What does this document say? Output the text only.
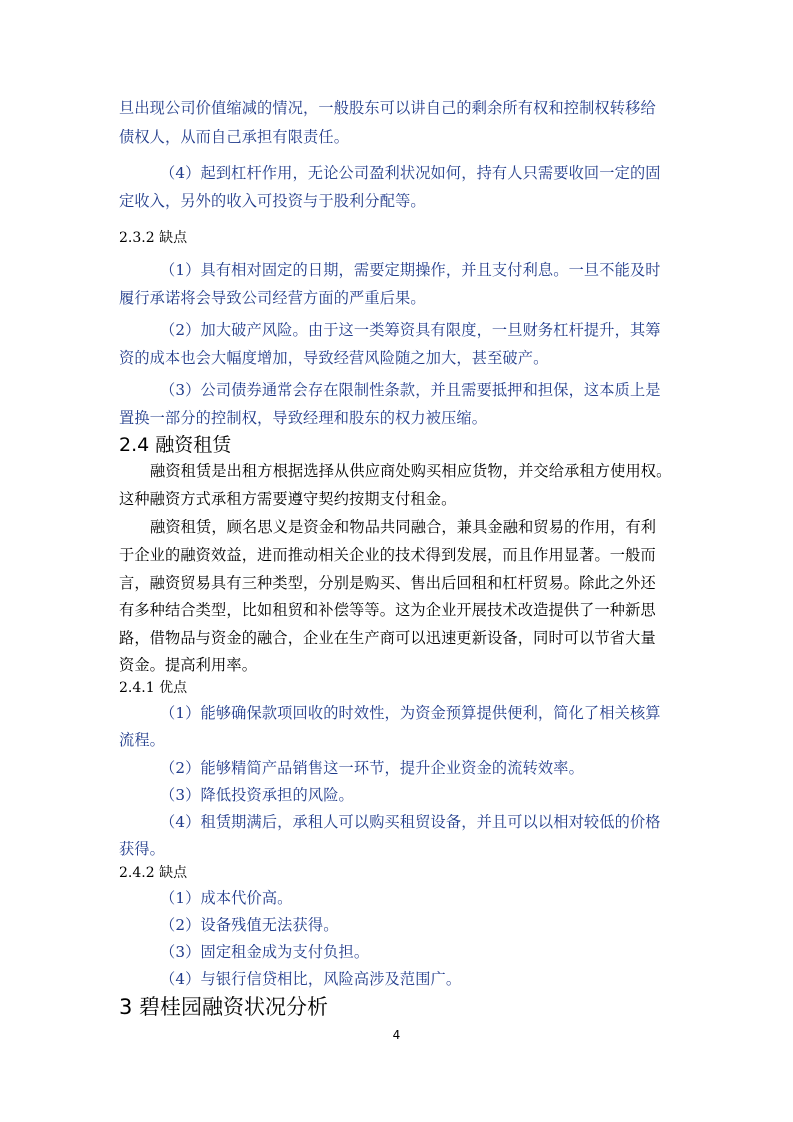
旦出现公司价值缩减的情况，一般股东可以讲自己的剩余所有权和控制权转移给
债权人，从而自己承担有限责任。
（4）起到杠杆作用，无论公司盈利状况如何，持有人只需要收回一定的固
定收入，另外的收入可投资与于股利分配等。
2.3.2 缺点
（1）具有相对固定的日期，需要定期操作，并且支付利息。一旦不能及时
履行承诺将会导致公司经营方面的严重后果。
（2）加大破产风险。由于这一类筹资具有限度，一旦财务杠杆提升，其筹
资的成本也会大幅度增加，导致经营风险随之加大，甚至破产。
（3）公司债券通常会存在限制性条款，并且需要抵押和担保，这本质上是
置换一部分的控制权，导致经理和股东的权力被压缩。
2.4 融资租赁
融资租赁是出租方根据选择从供应商处购买相应货物，并交给承租方使用权。
这种融资方式承租方需要遵守契约按期支付租金。
融资租赁，顾名思义是资金和物品共同融合，兼具金融和贸易的作用，有利
于企业的融资效益，进而推动相关企业的技术得到发展，而且作用显著。一般而
言，融资贸易具有三种类型，分别是购买、售出后回租和杠杆贸易。除此之外还
有多种结合类型，比如租贸和补偿等等。这为企业开展技术改造提供了一种新思
路，借物品与资金的融合，企业在生产商可以迅速更新设备，同时可以节省大量
资金。提高利用率。
2.4.1 优点
（1）能够确保款项回收的时效性，为资金预算提供便利，简化了相关核算
流程。
（2）能够精简产品销售这一环节，提升企业资金的流转效率。
（3）降低投资承担的风险。
（4）租赁期满后，承租人可以购买租贸设备，并且可以以相对较低的价格
获得。
2.4.2 缺点
（1）成本代价高。
（2）设备残值无法获得。
（3）固定租金成为支付负担。
（4）与银行信贷相比，风险高涉及范围广。
3 碧桂园融资状况分析
4
